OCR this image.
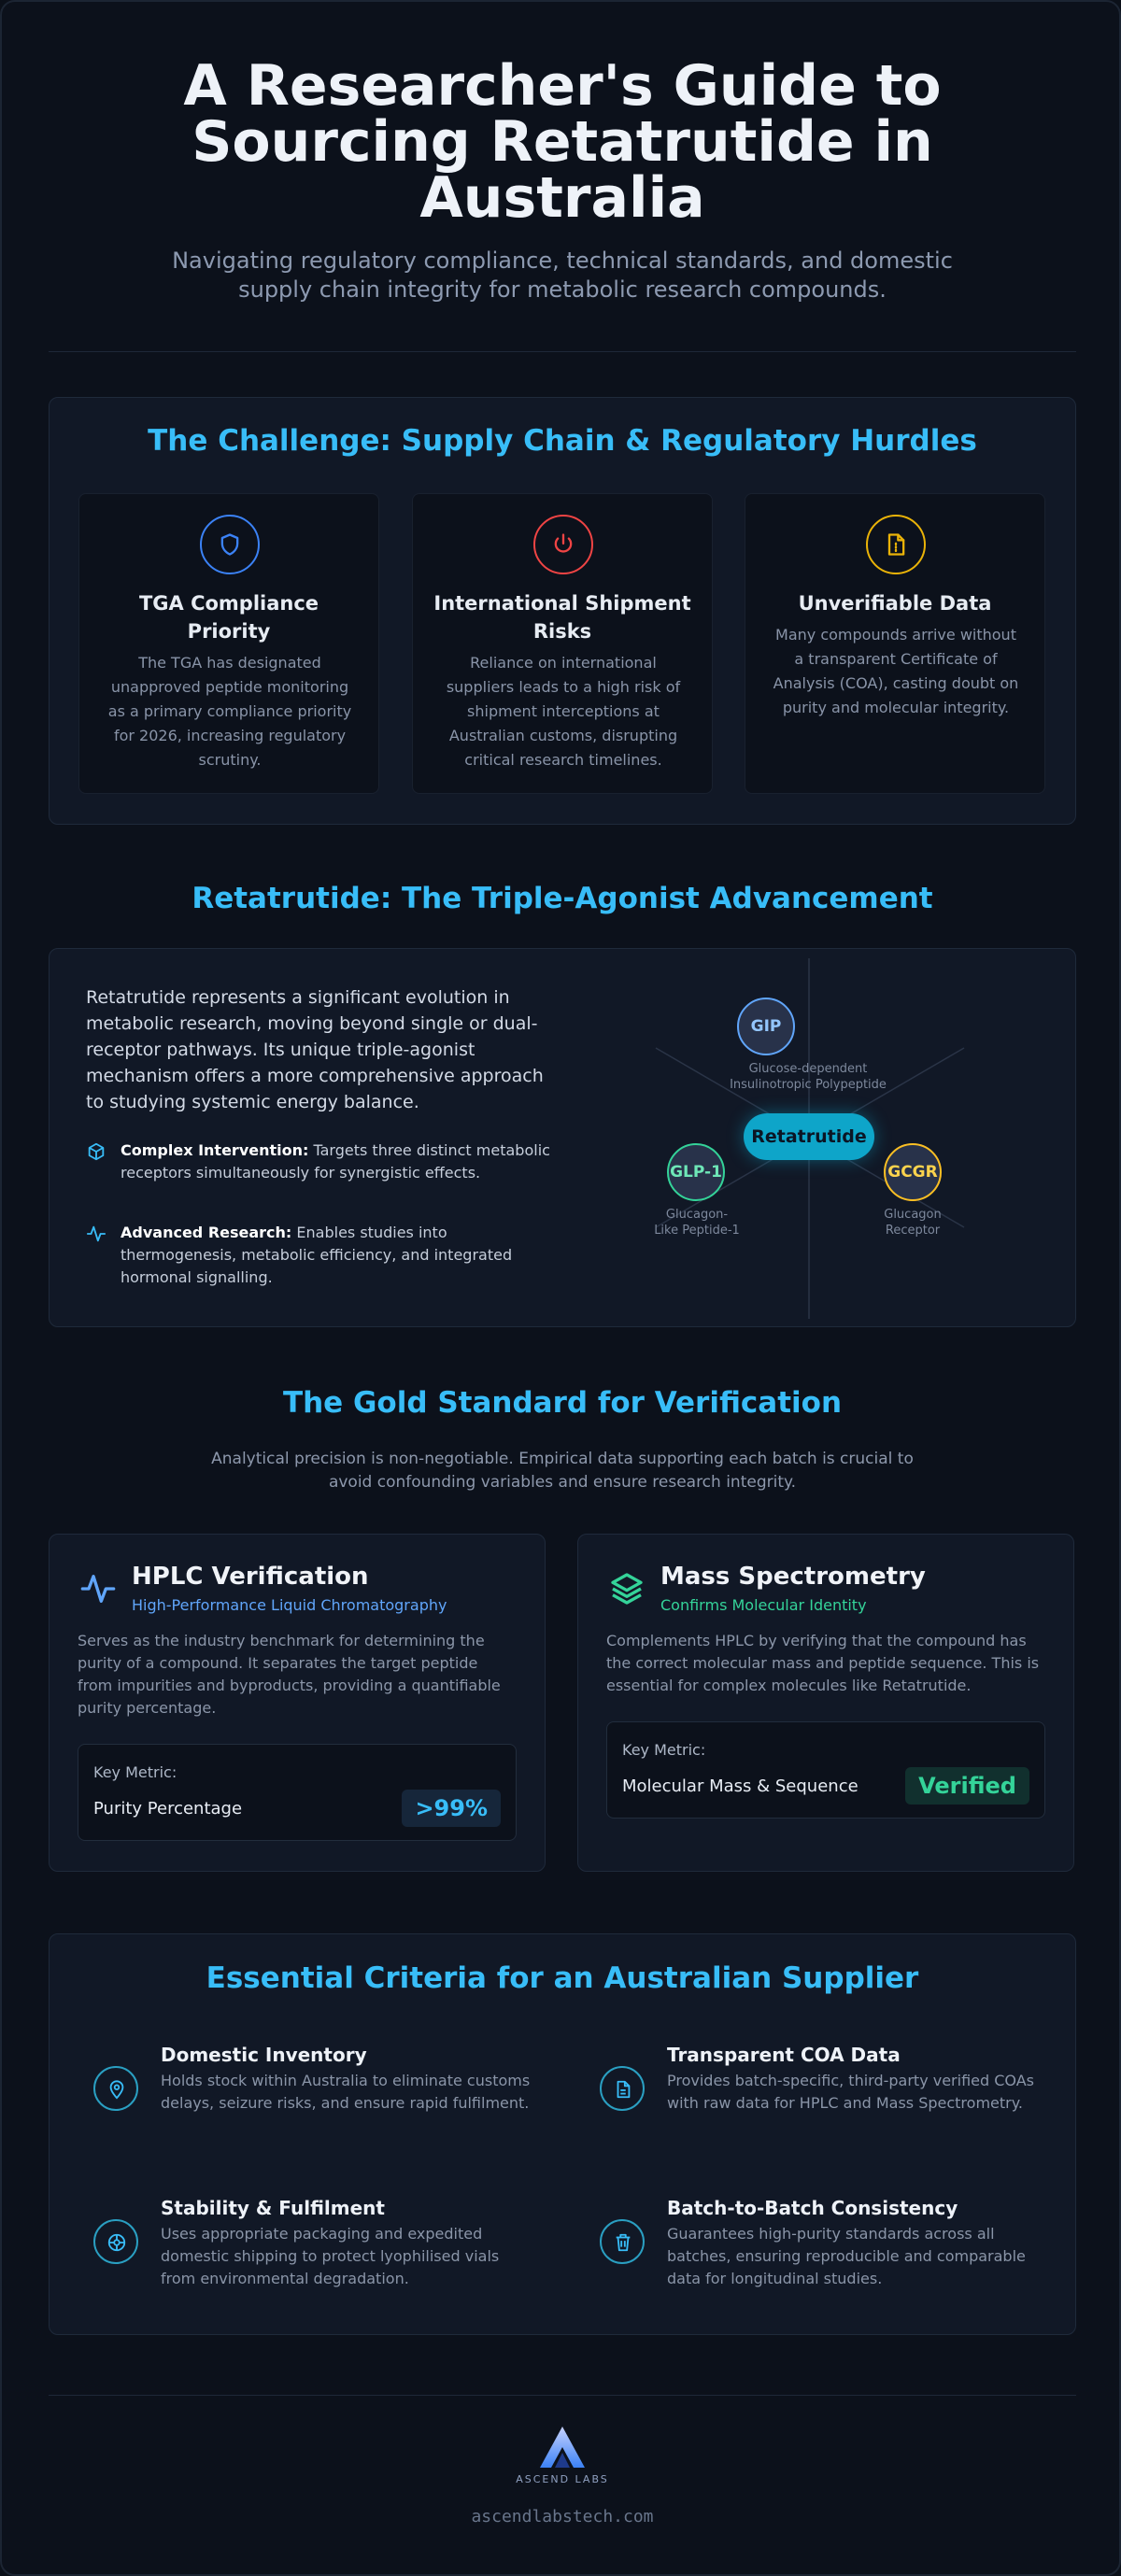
A Researcher's Guide to Sourcing Retatrutide in Australia
Navigating regulatory compliance, technical standards, and domestic supply chain integrity for metabolic research compounds.
The Challenge: Supply Chain & Regulatory Hurdles
TGA Compliance Priority
The TGA has designated unapproved peptide monitoring as a primary compliance priority for 2026, increasing regulatory scrutiny.
International Shipment Risks
Reliance on international suppliers leads to a high risk of shipment interceptions at Australian customs, disrupting critical research timelines.
Unverifiable Data
Many compounds arrive without a transparent Certificate of Analysis (COA), casting doubt on purity and molecular integrity.
Retatrutide: The Triple-Agonist Advancement
Retatrutide represents a significant evolution in metabolic research, moving beyond single or dual-receptor pathways. Its unique triple-agonist mechanism offers a more comprehensive approach to studying systemic energy balance.
Complex Intervention: Targets three distinct metabolic receptors simultaneously for synergistic effects.
Advanced Research: Enables studies into thermogenesis, metabolic efficiency, and integrated hormonal signalling.
GIP
Glucose-dependent Insulinotropic Polypeptide
GLP-1
Glucagon-Like Peptide-1
GCGR
Glucagon Receptor
Retatrutide
The Gold Standard for Verification
Analytical precision is non-negotiable. Empirical data supporting each batch is crucial to avoid confounding variables and ensure research integrity.
HPLC Verification
High-Performance Liquid Chromatography
Serves as the industry benchmark for determining the purity of a compound. It separates the target peptide from impurities and byproducts, providing a quantifiable purity percentage.
Key Metric:
Purity Percentage	>99%
Mass Spectrometry
Confirms Molecular Identity
Complements HPLC by verifying that the compound has the correct molecular mass and peptide sequence. This is essential for complex molecules like Retatrutide.
Key Metric:
Molecular Mass & Sequence	Verified
Essential Criteria for an Australian Supplier
Domestic Inventory
Holds stock within Australia to eliminate customs delays, seizure risks, and ensure rapid fulfilment.
Transparent COA Data
Provides batch-specific, third-party verified COAs with raw data for HPLC and Mass Spectrometry.
Stability & Fulfilment
Uses appropriate packaging and expedited domestic shipping to protect lyophilised vials from environmental degradation.
Batch-to-Batch Consistency
Guarantees high-purity standards across all batches, ensuring reproducible and comparable data for longitudinal studies.
ASCEND LABS
ascendlabstech.com
